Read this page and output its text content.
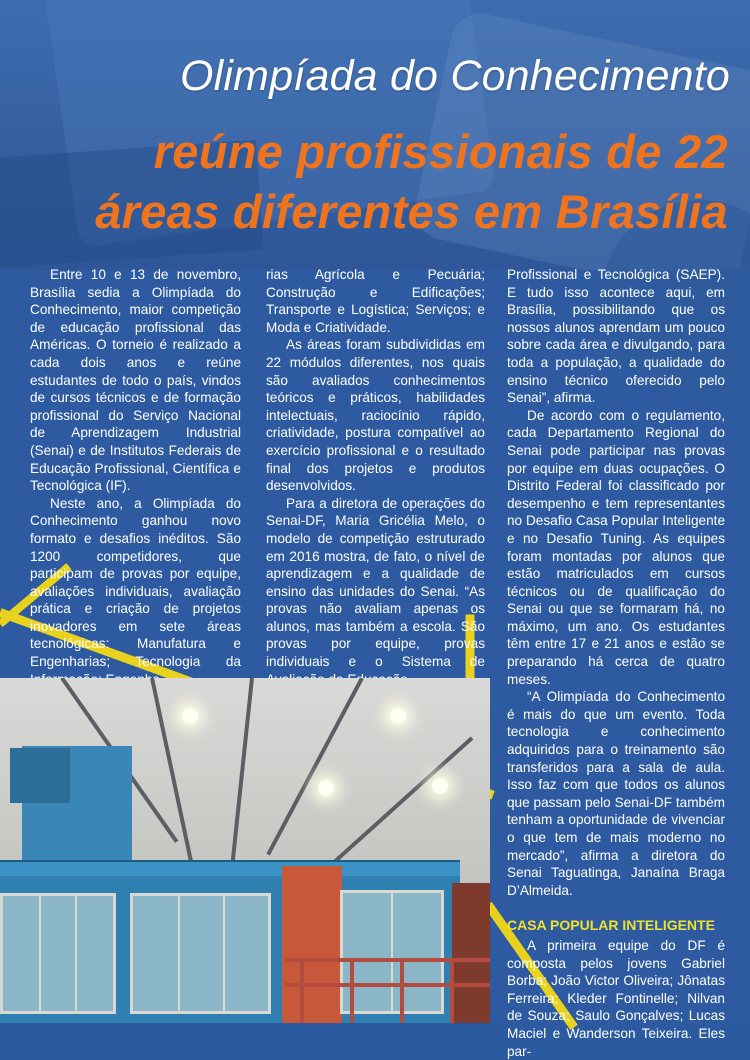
Olimpíada do Conhecimento
reúne profissionais de 22
áreas diferentes em Brasília

Entre 10 e 13 de novembro, Brasília sedia a Olimpíada do Conhecimento, maior competição de educação profissional das Américas. O torneio é realizado a cada dois anos e reúne estudantes de todo o país, vindos de cursos técnicos e de formação profissional do Serviço Nacional de Aprendizagem Industrial (Senai) e de Institutos Federais de Educação Profissional, Científica e Tecnológica (IF).

Neste ano, a Olimpíada do Conhecimento ganhou novo formato e desafios inéditos. São 1200 competidores, que participam de provas por equipe, avaliações individuais, avaliação prática e criação de projetos inovadores em sete áreas tecnológicas: Manufatura e Engenharias; Tecnologia da

rias Agrícola e Pecuária; Construção e Edificações; Transporte e Logística; Serviços; e Moda e Criatividade.

As áreas foram subdivididas em 22 módulos diferentes, nos quais são avaliados conhecimentos teóricos e práticos, habilidades intelectuais, raciocínio rápido, criatividade, postura compatível ao exercício profissional e o resultado final dos projetos e produtos desenvolvidos.

Para a diretora de operações do Senai-DF, Maria Gricélia Melo, o modelo de competição estruturado em 2016 mostra, de fato, o nível de aprendizagem e a qualidade de ensino das unidades do Senai. “As provas não avaliam apenas os alunos, mas também a escola. São provas por equipe, provas individuais e o Sistema de

Profissional e Tecnológica (SAEP). E tudo isso acontece aqui, em Brasília, possibilitando que os nossos alunos aprendam um pouco sobre cada área e divulgando, para toda a população, a qualidade do ensino técnico oferecido pelo Senai”, afirma.

De acordo com o regulamento, cada Departamento Regional do Senai pode participar nas provas por equipe em duas ocupações. O Distrito Federal foi classificado por desempenho e tem representantes no Desafio Casa Popular Inteligente e no Desafio Tuning. As equipes foram montadas por alunos que estão matriculados em cursos técnicos ou de qualificação do Senai ou que se formaram há, no máximo, um ano. Os estudantes têm entre 17 e 21 anos e estão se preparando há cerca de quatro meses.

“A Olimpíada do Conhecimento é mais do que um evento. Toda tecnologia e conhecimento adquiridos para o treinamento são transferidos para a sala de aula. Isso faz com que todos os alunos que passam pelo Senai-DF também tenham a oportunidade de vivenciar o que tem de mais moderno no mercado”, afirma a diretora do Senai Taguatinga, Janaína Braga D’Almeida.

CASA POPULAR INTELIGENTE

A primeira equipe do DF é composta pelos jovens Gabriel Borba; João Victor Oliveira; Jônatas Ferreira; Kleder Fontinelle; Nilvan de Souza; Saulo Gonçalves; Lucas Maciel e Wanderson Teixeira. Eles par-
